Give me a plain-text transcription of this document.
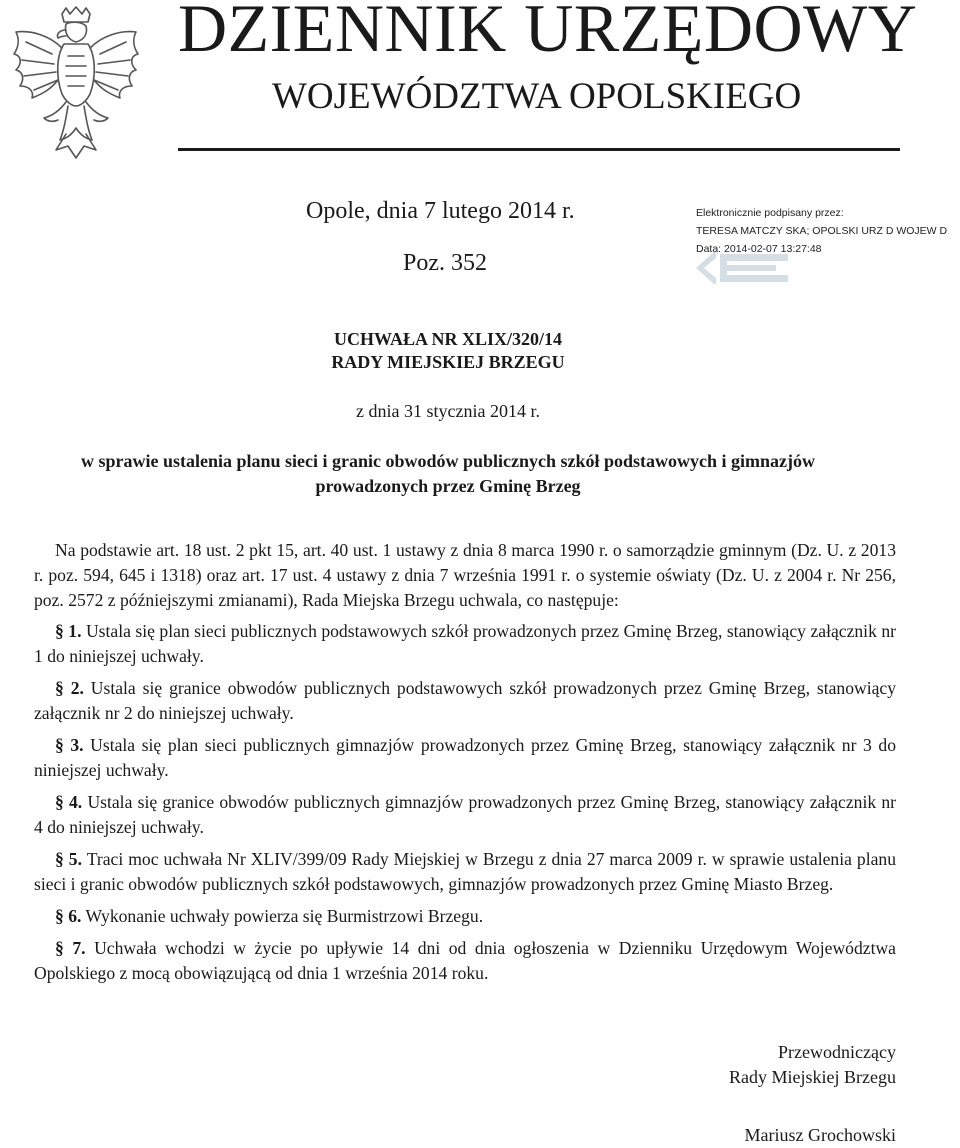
DZIENNIK URZĘDOWY
WOJEWÓDZTWA OPOLSKIEGO
Opole, dnia 7 lutego 2014 r.
Poz. 352
Elektronicznie podpisany przez:
TERESA MATCZY SKA; OPOLSKI URZ D WOJEW D
Data: 2014-02-07 13:27:48
UCHWAŁA NR XLIX/320/14
RADY MIEJSKIEJ BRZEGU
z dnia 31 stycznia 2014 r.
w sprawie ustalenia planu sieci i granic obwodów publicznych szkół podstawowych i gimnazjów
prowadzonych przez Gminę Brzeg

Na podstawie art. 18 ust. 2 pkt 15, art. 40 ust. 1 ustawy z dnia 8 marca 1990 r. o samorządzie gminnym (Dz. U. z 2013 r. poz. 594, 645 i 1318) oraz art. 17 ust. 4 ustawy z dnia 7 września 1991 r. o systemie oświaty (Dz. U. z 2004 r. Nr 256, poz. 2572 z późniejszymi zmianami), Rada Miejska Brzegu uchwala, co następuje:

§ 1. Ustala się plan sieci publicznych podstawowych szkół prowadzonych przez Gminę Brzeg, stanowiący załącznik nr 1 do niniejszej uchwały.

§ 2. Ustala się granice obwodów publicznych podstawowych szkół prowadzonych przez Gminę Brzeg, stanowiący załącznik nr 2 do niniejszej uchwały.

§ 3. Ustala się plan sieci publicznych gimnazjów prowadzonych przez Gminę Brzeg, stanowiący załącznik nr 3 do niniejszej uchwały.

§ 4. Ustala się granice obwodów publicznych gimnazjów prowadzonych przez Gminę Brzeg, stanowiący załącznik nr 4 do niniejszej uchwały.

§ 5. Traci moc uchwała Nr XLIV/399/09 Rady Miejskiej w Brzegu z dnia 27 marca 2009 r. w sprawie ustalenia planu sieci i granic obwodów publicznych szkół podstawowych, gimnazjów prowadzonych przez Gminę Miasto Brzeg.

§ 6. Wykonanie uchwały powierza się Burmistrzowi Brzegu.

§ 7. Uchwała wchodzi w życie po upływie 14 dni od dnia ogłoszenia w Dzienniku Urzędowym Województwa Opolskiego z mocą obowiązującą od dnia 1 września 2014 roku.

Przewodniczący
Rady Miejskiej Brzegu
Mariusz Grochowski
